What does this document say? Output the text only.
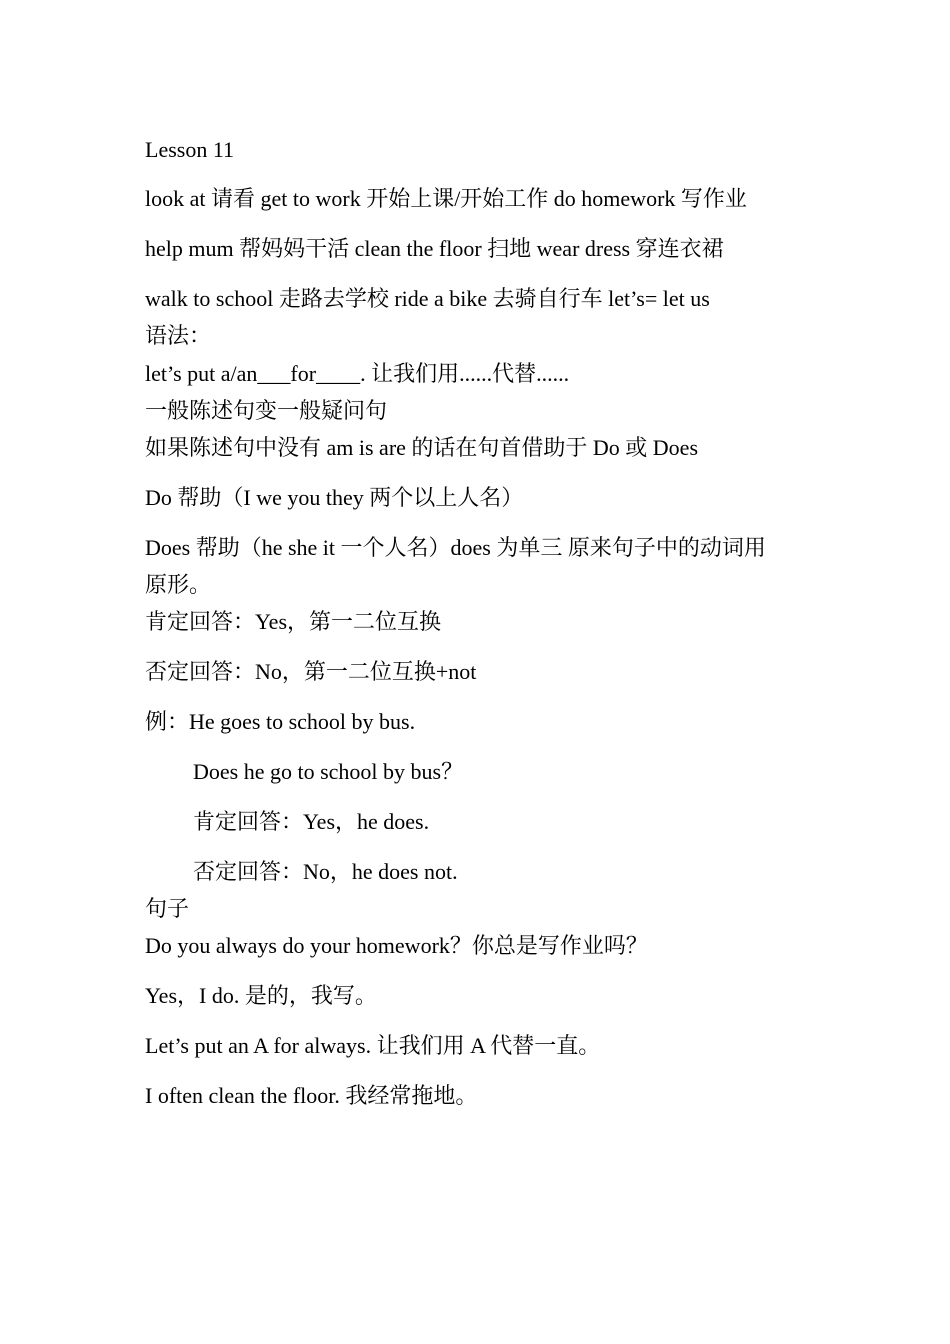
Lesson 11
look at 请看 get to work 开始上课/开始工作 do homework 写作业
help mum 帮妈妈干活 clean the floor 扫地 wear dress 穿连衣裙
walk to school 走路去学校 ride a bike 去骑自行车 let’s= let us
语法：
let’s put a/an___for____. 让我们用......代替......
一般陈述句变一般疑问句
如果陈述句中没有 am is are 的话在句首借助于 Do 或 Does
Do 帮助（I we you they 两个以上人名）
Does 帮助（he she it 一个人名）does 为单三 原来句子中的动词用
原形。
肯定回答：Yes，第一二位互换
否定回答：No，第一二位互换+not
例：He goes to school by bus.
Does he go to school by bus？
肯定回答：Yes，he does.
否定回答：No，he does not.
句子
Do you always do your homework？你总是写作业吗？
Yes，I do. 是的，我写。
Let’s put an A for always. 让我们用 A 代替一直。
I often clean the floor. 我经常拖地。
